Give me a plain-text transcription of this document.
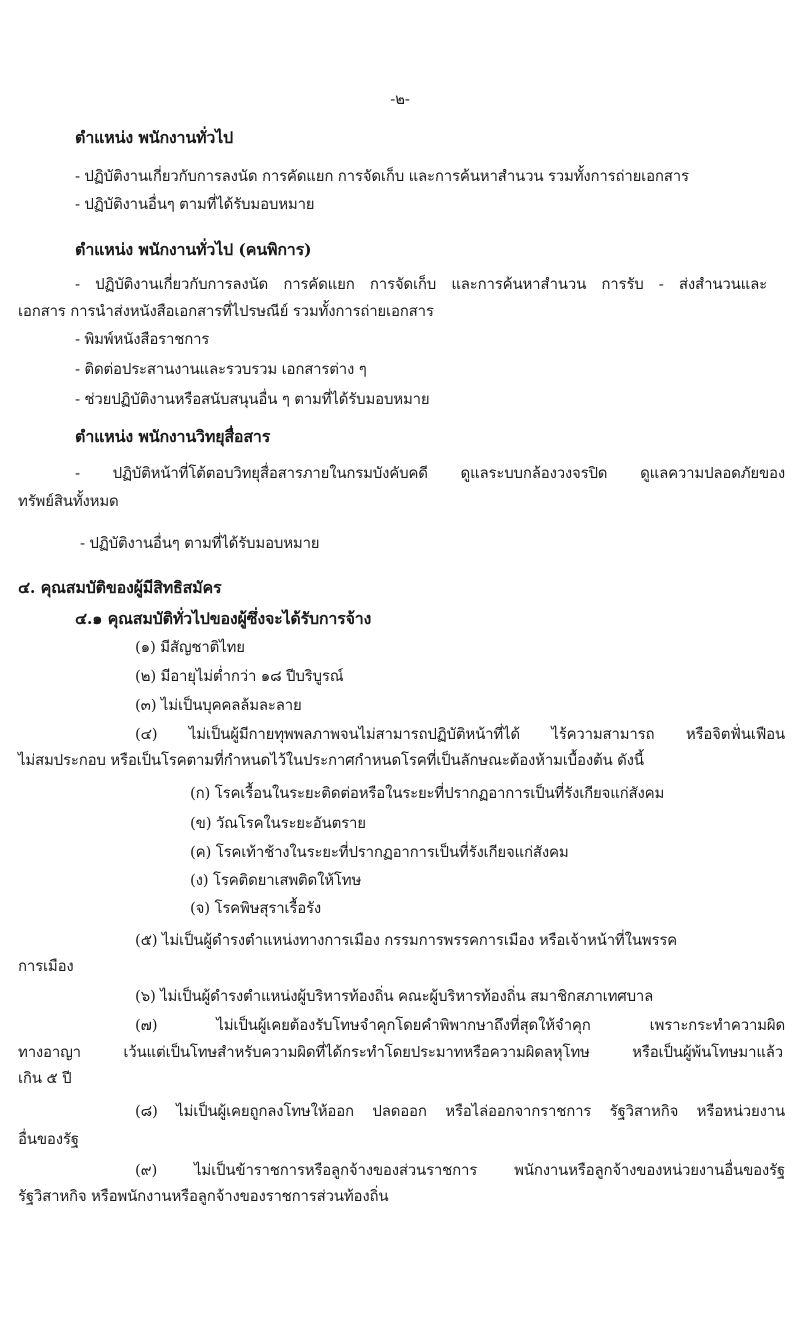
-๒-
ตำแหน่ง พนักงานทั่วไป
- ปฏิบัติงานเกี่ยวกับการลงนัด การคัดแยก การจัดเก็บ และการค้นหาสำนวน รวมทั้งการถ่ายเอกสาร
- ปฏิบัติงานอื่นๆ ตามที่ได้รับมอบหมาย
ตำแหน่ง พนักงานทั่วไป (คนพิการ)
- ปฏิบัติงานเกี่ยวกับการลงนัด การคัดแยก การจัดเก็บ และการค้นหาสำนวน การรับ - ส่งสำนวนและ
เอกสาร การนำส่งหนังสือเอกสารที่ไปรษณีย์ รวมทั้งการถ่ายเอกสาร
- พิมพ์หนังสือราชการ
- ติดต่อประสานงานและรวบรวม เอกสารต่าง ๆ
- ช่วยปฏิบัติงานหรือสนับสนุนอื่น ๆ ตามที่ได้รับมอบหมาย
ตำแหน่ง พนักงานวิทยุสื่อสาร
- ปฏิบัติหน้าที่โต้ตอบวิทยุสื่อสารภายในกรมบังคับคดี ดูแลระบบกล้องวงจรปิด ดูแลความปลอดภัยของ
ทรัพย์สินทั้งหมด
- ปฏิบัติงานอื่นๆ ตามที่ได้รับมอบหมาย
๔. คุณสมบัติของผู้มีสิทธิสมัคร
๔.๑ คุณสมบัติทั่วไปของผู้ซึ่งจะได้รับการจ้าง
(๑) มีสัญชาติไทย
(๒) มีอายุไม่ต่ำกว่า ๑๘ ปีบริบูรณ์
(๓) ไม่เป็นบุคคลล้มละลาย
(๔) ไม่เป็นผู้มีกายทุพพลภาพจนไม่สามารถปฏิบัติหน้าที่ได้ ไร้ความสามารถ หรือจิตฟั่นเฟือน
ไม่สมประกอบ หรือเป็นโรคตามที่กำหนดไว้ในประกาศกำหนดโรคที่เป็นลักษณะต้องห้ามเบื้องต้น ดังนี้
(ก) โรคเรื้อนในระยะติดต่อหรือในระยะที่ปรากฏอาการเป็นที่รังเกียจแก่สังคม
(ข) วัณโรคในระยะอันตราย
(ค) โรคเท้าช้างในระยะที่ปรากฏอาการเป็นที่รังเกียจแก่สังคม
(ง) โรคติดยาเสพติดให้โทษ
(จ) โรคพิษสุราเรื้อรัง
(๕) ไม่เป็นผู้ดำรงตำแหน่งทางการเมือง กรรมการพรรคการเมือง หรือเจ้าหน้าที่ในพรรค
การเมือง
(๖) ไม่เป็นผู้ดำรงตำแหน่งผู้บริหารท้องถิ่น คณะผู้บริหารท้องถิ่น สมาชิกสภาเทศบาล
(๗) ไม่เป็นผู้เคยต้องรับโทษจำคุกโดยคำพิพากษาถึงที่สุดให้จำคุก เพราะกระทำความผิด
ทางอาญา เว้นแต่เป็นโทษสำหรับความผิดที่ได้กระทำโดยประมาทหรือความผิดลหุโทษ หรือเป็นผู้พ้นโทษมาแล้ว
เกิน ๕ ปี
(๘) ไม่เป็นผู้เคยถูกลงโทษให้ออก ปลดออก หรือไล่ออกจากราชการ รัฐวิสาหกิจ หรือหน่วยงาน
อื่นของรัฐ
(๙) ไม่เป็นข้าราชการหรือลูกจ้างของส่วนราชการ พนักงานหรือลูกจ้างของหน่วยงานอื่นของรัฐ
รัฐวิสาหกิจ หรือพนักงานหรือลูกจ้างของราชการส่วนท้องถิ่น
